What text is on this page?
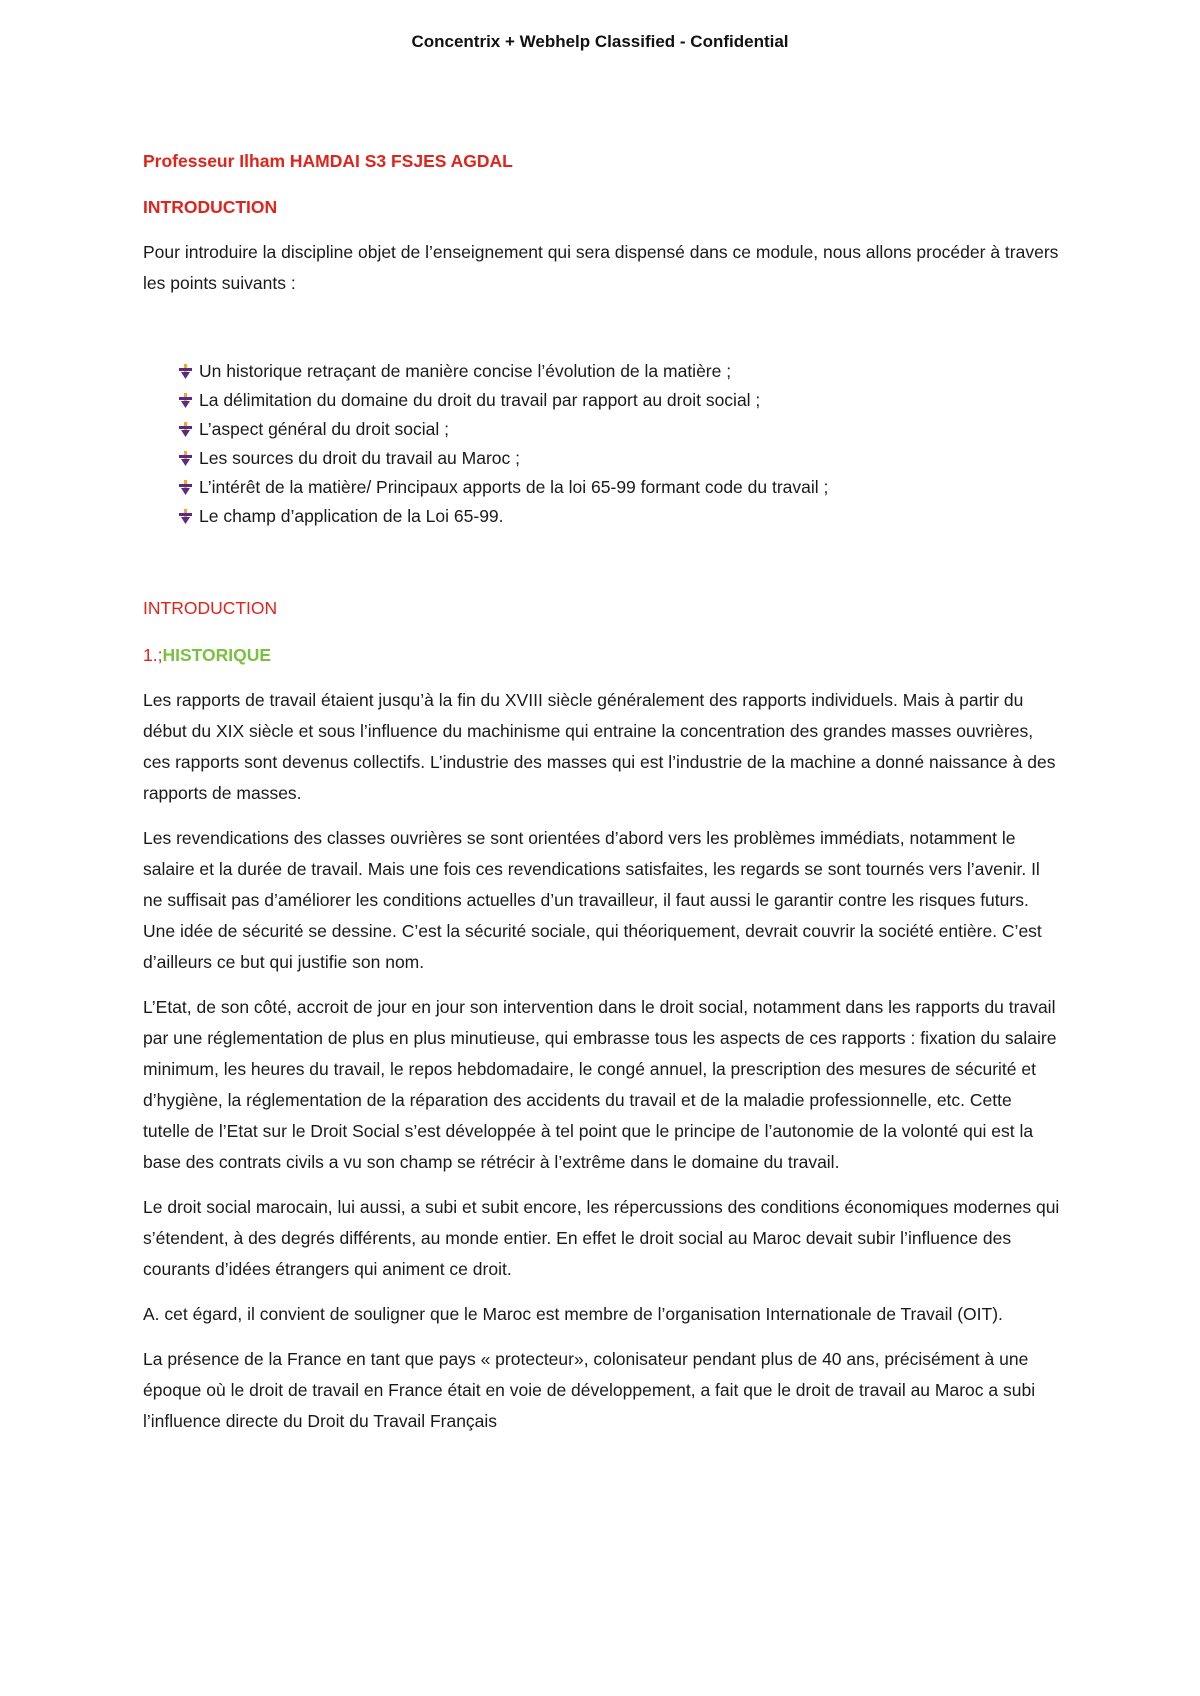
Concentrix + Webhelp Classified - Confidential

Professeur Ilham HAMDAI S3 FSJES AGDAL

INTRODUCTION

Pour introduire la discipline objet de l’enseignement qui sera dispensé dans ce module, nous allons procéder à travers les points suivants :

Un historique retraçant de manière concise l’évolution de la matière ;
La délimitation du domaine du droit du travail par rapport au droit social ;
L’aspect général du droit social ;
Les sources du droit du travail au Maroc ;
L’intérêt de la matière/ Principaux apports de la loi 65-99 formant code du travail ;
Le champ d’application de la Loi 65-99.

INTRODUCTION

1.;HISTORIQUE

Les rapports de travail étaient jusqu’à la fin du XVIII siècle généralement des rapports individuels. Mais à partir du début du XIX siècle et sous l’influence du machinisme qui entraine la concentration des grandes masses ouvrières, ces rapports sont devenus collectifs. L’industrie des masses qui est l’industrie de la machine a donné naissance à des rapports de masses.

Les revendications des classes ouvrières se sont orientées d’abord vers les problèmes immédiats, notamment le salaire et la durée de travail. Mais une fois ces revendications satisfaites, les regards se sont tournés vers l’avenir. Il ne suffisait pas d’améliorer les conditions actuelles d’un travailleur, il faut aussi le garantir contre les risques futurs. Une idée de sécurité se dessine. C’est la sécurité sociale, qui théoriquement, devrait couvrir la société entière. C’est d’ailleurs ce but qui justifie son nom.

L’Etat, de son côté, accroit de jour en jour son intervention dans le droit social, notamment dans les rapports du travail par une réglementation de plus en plus minutieuse, qui embrasse tous les aspects de ces rapports : fixation du salaire minimum, les heures du travail, le repos hebdomadaire, le congé annuel, la prescription des mesures de sécurité et d’hygiène, la réglementation de la réparation des accidents du travail et de la maladie professionnelle, etc. Cette tutelle de l’Etat sur le Droit Social s’est développée à tel point que le principe de l’autonomie de la volonté qui est la base des contrats civils a vu son champ se rétrécir à l’extrême dans le domaine du travail.

Le droit social marocain, lui aussi, a subi et subit encore, les répercussions des conditions économiques modernes qui s’étendent, à des degrés différents, au monde entier. En effet le droit social au Maroc devait subir l’influence des courants d’idées étrangers qui animent ce droit.

A. cet égard, il convient de souligner que le Maroc est membre de l’organisation Internationale de Travail (OIT).

La présence de la France en tant que pays « protecteur», colonisateur pendant plus de 40 ans, précisément à une époque où le droit de travail en France était en voie de développement, a fait que le droit de travail au Maroc a subi l’influence directe du Droit du Travail Français
